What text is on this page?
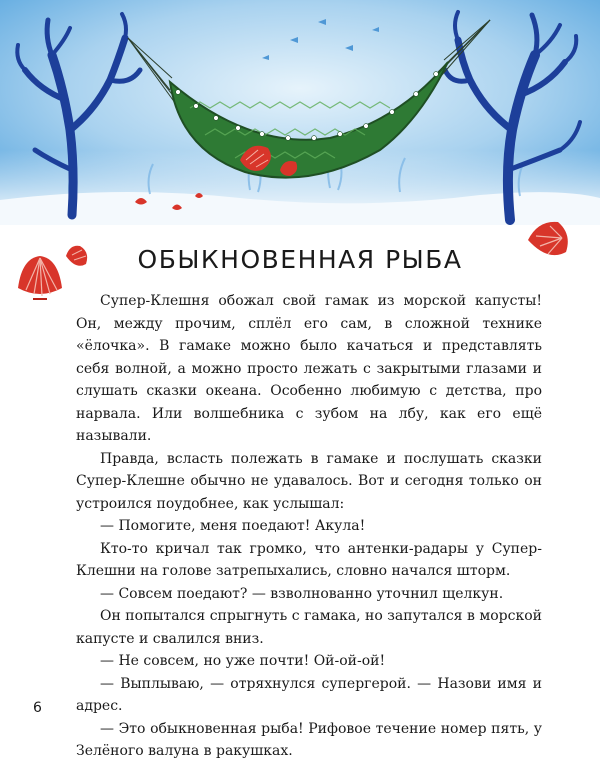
ОБЫКНОВЕННАЯ РЫБА

Супер-Клешня обожал свой гамак из морской капусты! Он, между прочим, сплёл его сам, в сложной технике «ёлочка». В гамаке можно было качаться и представлять себя волной, а можно просто лежать с закрытыми глазами и слушать сказки океана. Особенно любимую с детства, про нарвала. Или волшебника с зубом на лбу, как его ещё называли.

Правда, всласть полежать в гамаке и послушать сказки Супер-Клешне обычно не удавалось. Вот и сегодня только он устроился поудобнее, как услышал:

— Помогите, меня поедают! Акула!

Кто-то кричал так громко, что антенки-радары у Супер-Клешни на голове затрепыхались, словно начался шторм.

— Совсем поедают? — взволнованно уточнил щелкун.

Он попытался спрыгнуть с гамака, но запутался в морской капусте и свалился вниз.

— Не совсем, но уже почти! Ой-ой-ой!

— Выплываю, — отряхнулся супергерой. — Назови имя и адрес.

— Это обыкновенная рыба! Рифовое течение номер пять, у Зелёного валуна в ракушках.

6
